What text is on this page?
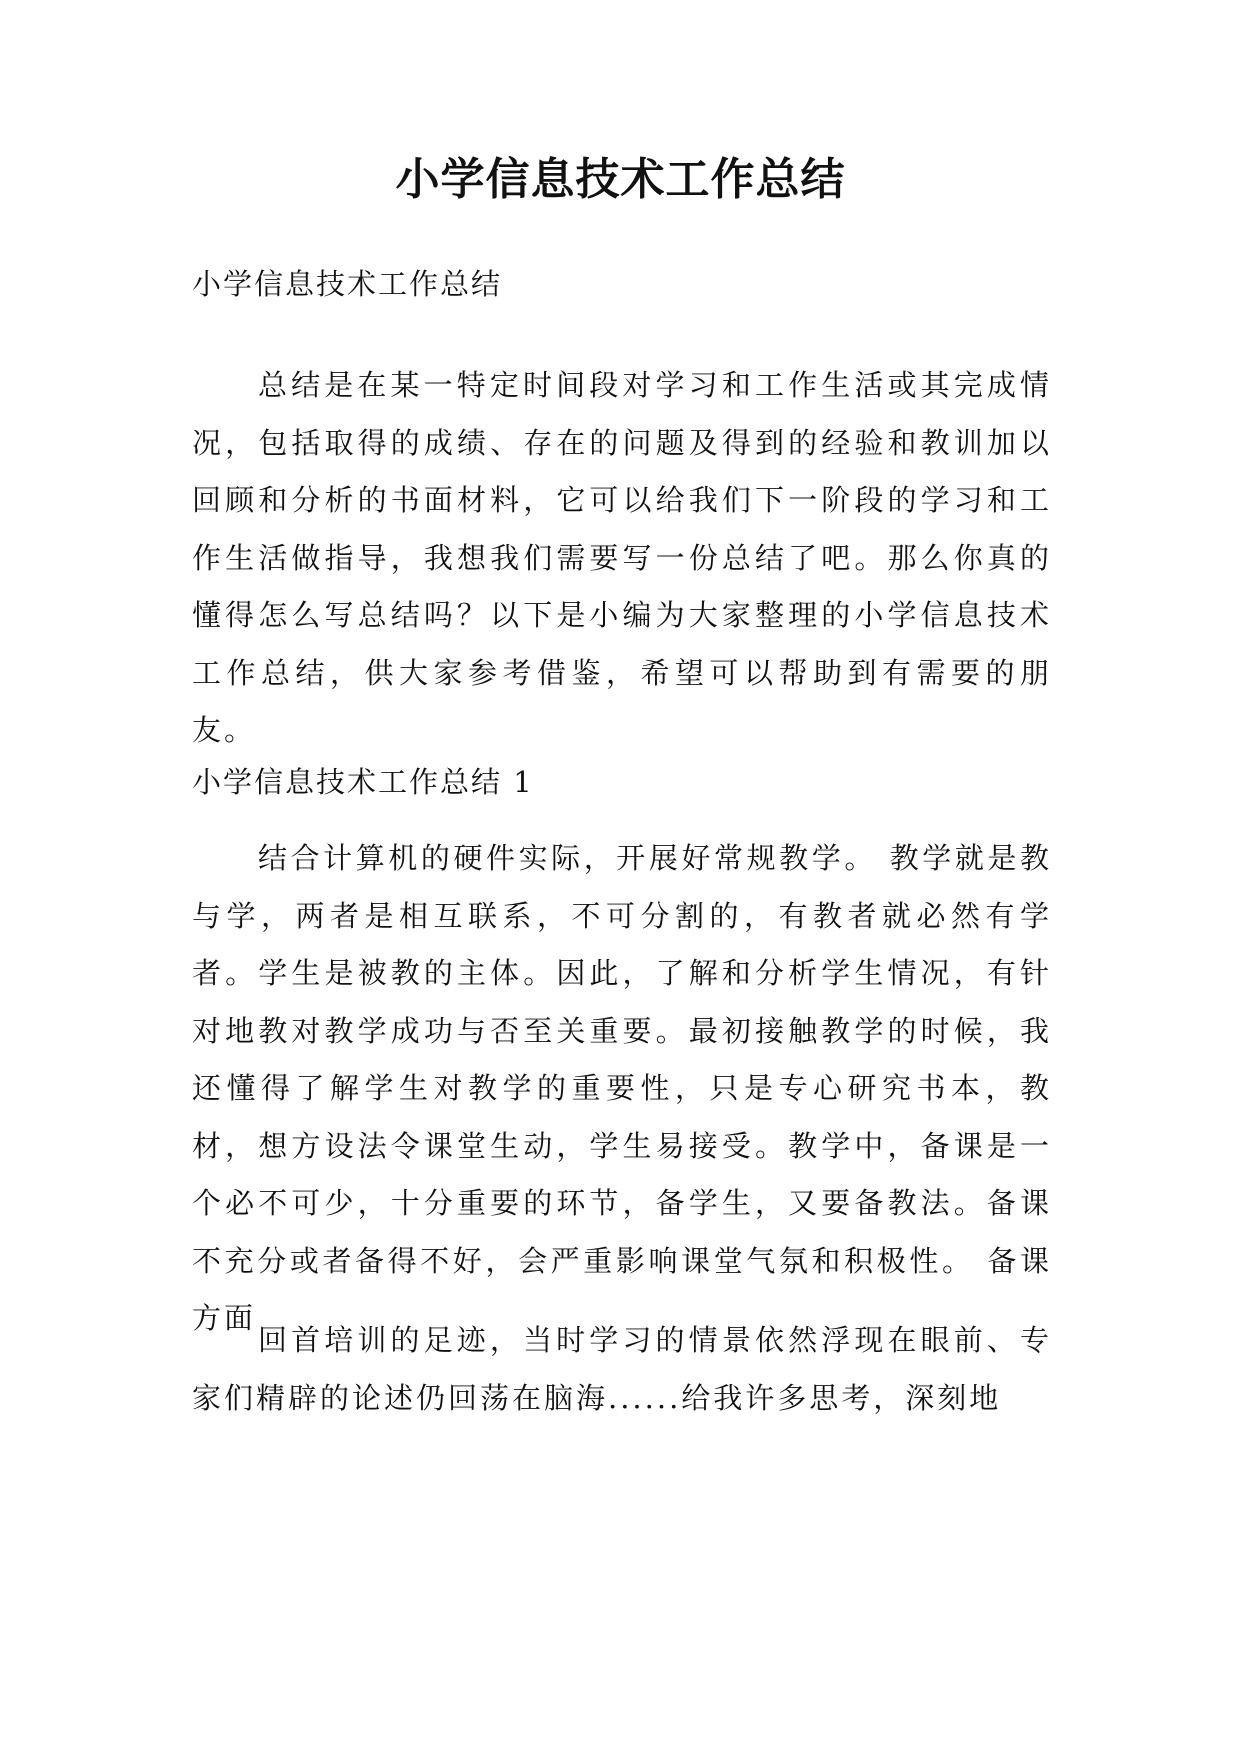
小学信息技术工作总结
小学信息技术工作总结

总结是在某一特定时间段对学习和工作生活或其完成情况，包括取得的成绩、存在的问题及得到的经验和教训加以回顾和分析的书面材料，它可以给我们下一阶段的学习和工作生活做指导，我想我们需要写一份总结了吧。那么你真的懂得怎么写总结吗？以下是小编为大家整理的小学信息技术工作总结，供大家参考借鉴，希望可以帮助到有需要的朋友。

小学信息技术工作总结 1

结合计算机的硬件实际，开展好常规教学。 教学就是教与学，两者是相互联系，不可分割的，有教者就必然有学者。学生是被教的主体。因此，了解和分析学生情况，有针对地教对教学成功与否至关重要。最初接触教学的时候，我还懂得了解学生对教学的重要性，只是专心研究书本，教材，想方设法令课堂生动，学生易接受。教学中，备课是一个必不可少，十分重要的环节，备学生，又要备教法。备课不充分或者备得不好，会严重影响课堂气氛和积极性。 备课方面

回首培训的足迹，当时学习的情景依然浮现在眼前、专家们精辟的论述仍回荡在脑海......给我许多思考，深刻地
